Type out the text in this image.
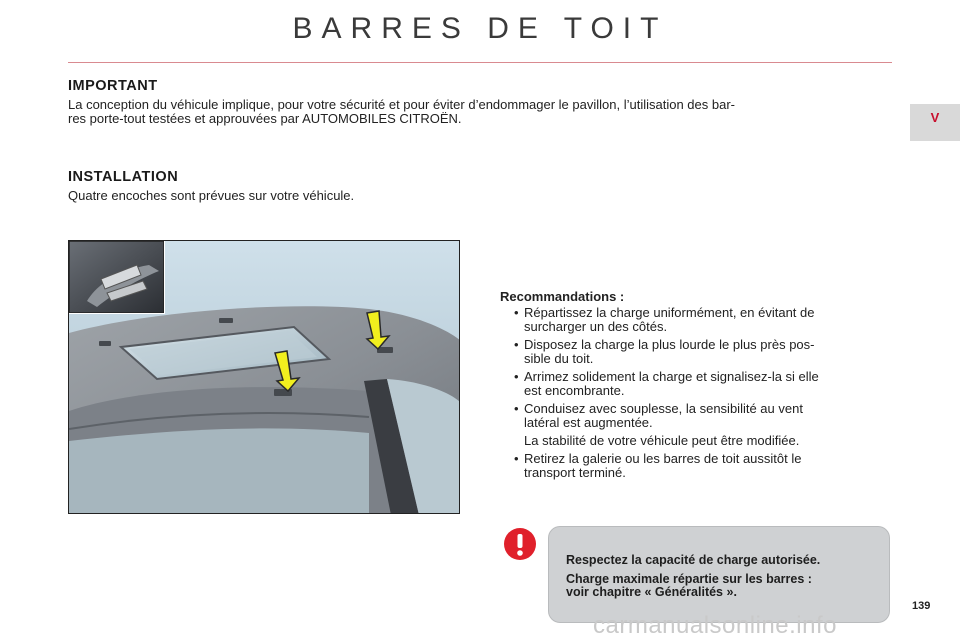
BARRES DE TOIT
V
IMPORTANT
La conception du véhicule implique, pour votre sécurité et pour éviter d’endommager le pavillon, l’utilisation des bar-
res porte-tout testées et approuvées par AUTOMOBILES CITROËN.
INSTALLATION
Quatre encoches sont prévues sur votre véhicule.
Recommandations :
• Répartissez la charge uniformément, en évitant de
surcharger un des côtés.
• Disposez la charge la plus lourde le plus près pos-
sible du toit.
• Arrimez solidement la charge et signalisez-la si elle
est encombrante.
• Conduisez avec souplesse, la sensibilité au vent
latéral est augmentée.
La stabilité de votre véhicule peut être modifiée.
• Retirez la galerie ou les barres de toit aussitôt le
transport terminé.

Respectez la capacité de charge autorisée.

Charge maximale répartie sur les barres :

voir chapitre « Généralités ».

139
carmanualsonline.info
